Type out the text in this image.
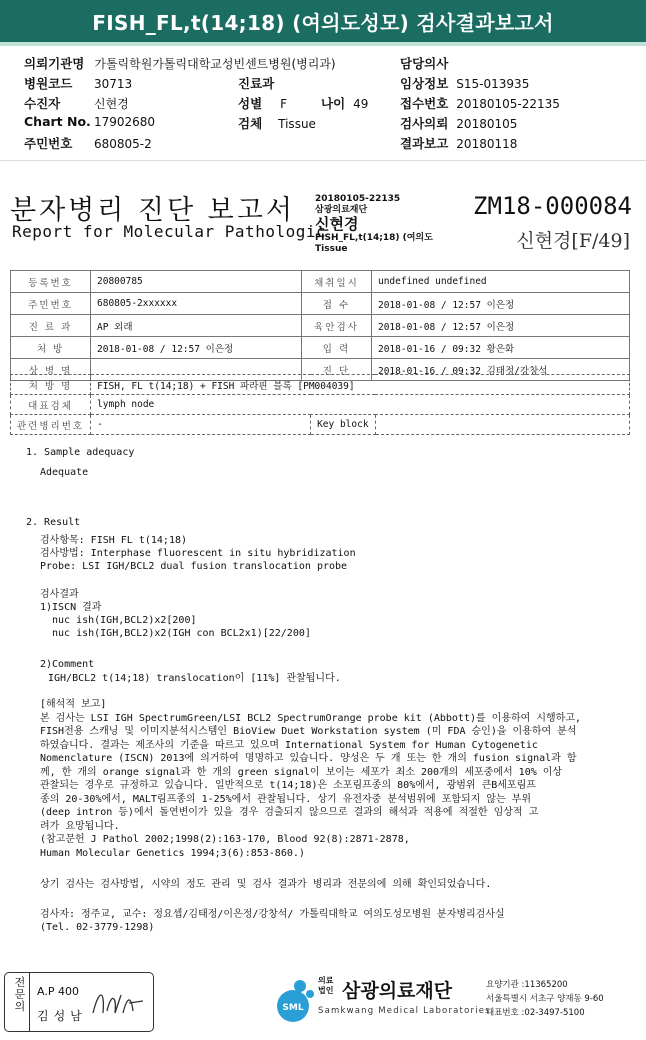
FISH_FL,t(14;18) (여의도성모) 검사결과보고서
의뢰기관명 가톨릭학원가톨릭대학교성빈센트병원(병리과)	담당의사
병원코드 30713	진료과	임상정보 S15-013935
수진자	신현경	성별 F	나이 49	접수번호 20180105-22135
Chart No. 17902680	검체 Tissue	검사의뢰 20180105
주민번호 680805-2	결과보고 20180118
분자병리 진단 보고서
Report for Molecular Pathologic
20180105-22135
삼광의료재단
신현경
FISH_FL,t(14;18) (여의도
Tissue
ZM18-000084
신현경[F/49]
등록번호	20800785	채취일시	undefined undefined
주민번호	680805-2xxxxxx	접 수	2018-01-08 / 12:57 이은정
진 료 과	AP 외래	육안검사	2018-01-08 / 12:57 이은정
처 방	2018-01-08 / 12:57 이은정	입 력	2018-01-16 / 09:32 황은화
상 병 명		진 단	2018-01-16 / 09:32 김태정/강창석
처 방 명	FISH, FL t(14;18) + FISH 파라핀 블록 [PM004039]		
대표검체	lymph node		
관련병리번호	-	Key block	
1. Sample adequacy
Adequate
2. Result
검사항목: FISH FL t(14;18)
검사방법: Interphase fluorescent in situ hybridization
Probe: LSI IGH/BCL2 dual fusion translocation probe
검사결과
1)ISCN 결과
nuc ish(IGH,BCL2)x2[200]
nuc ish(IGH,BCL2)x2(IGH con BCL2x1)[22/200]
2)Comment
IGH/BCL2 t(14;18) translocation이 [11%] 관찰됩니다.
[해석적 보고]
본 검사는 LSI IGH SpectrumGreen/LSI BCL2 SpectrumOrange probe kit (Abbott)를 이용하여 시행하고,
FISH전용 스캐닝 및 이미지분석시스템인 BioView Duet Workstation system (미 FDA 승인)을 이용하여 분석
하였습니다. 결과는 제조사의 기준을 따르고 있으며 International System for Human Cytogenetic
Nomenclature (ISCN) 2013에 의거하여 명명하고 있습니다. 양성은 두 개 또는 한 개의 fusion signal과 함
께, 한 개의 orange signal과 한 개의 green signal이 보이는 세포가 최소 200개의 세포중에서 10% 이상
관찰되는 경우로 규정하고 있습니다. 일반적으로 t(14;18)은 소포림프종의 80%에서, 광범위 큰B세포림프
종의 20-30%에서, MALT림프종의 1-25%에서 관찰됩니다. 상기 유전자중 분석범위에 포함되지 않는 부위
(deep intron 등)에서 돌연변이가 있을 경우 검출되지 않으므로 결과의 해석과 적용에 적절한 임상적 고
려가 요망됩니다.
(참고문헌 J Pathol 2002;1998(2):163-170, Blood 92(8):2871-2878,
Human Molecular Genetics 1994;3(6):853-860.)
상기 검사는 검사방법, 시약의 정도 관리 및 검사 결과가 병리과 전문의에 의해 확인되었습니다.
검사자: 정주교, 교수: 정요셉/김태정/이은정/강창석/ 가톨릭대학교 여의도성모병원 분자병리검사실
(Tel. 02-3779-1298)
전문의
A.P 400
김성남
SML
의료
법인 삼광의료재단
Samkwang Medical Laboratories
요양기관 :11365200
서울특별시 서초구 양재동 9-60
대표번호 :02-3497-5100
